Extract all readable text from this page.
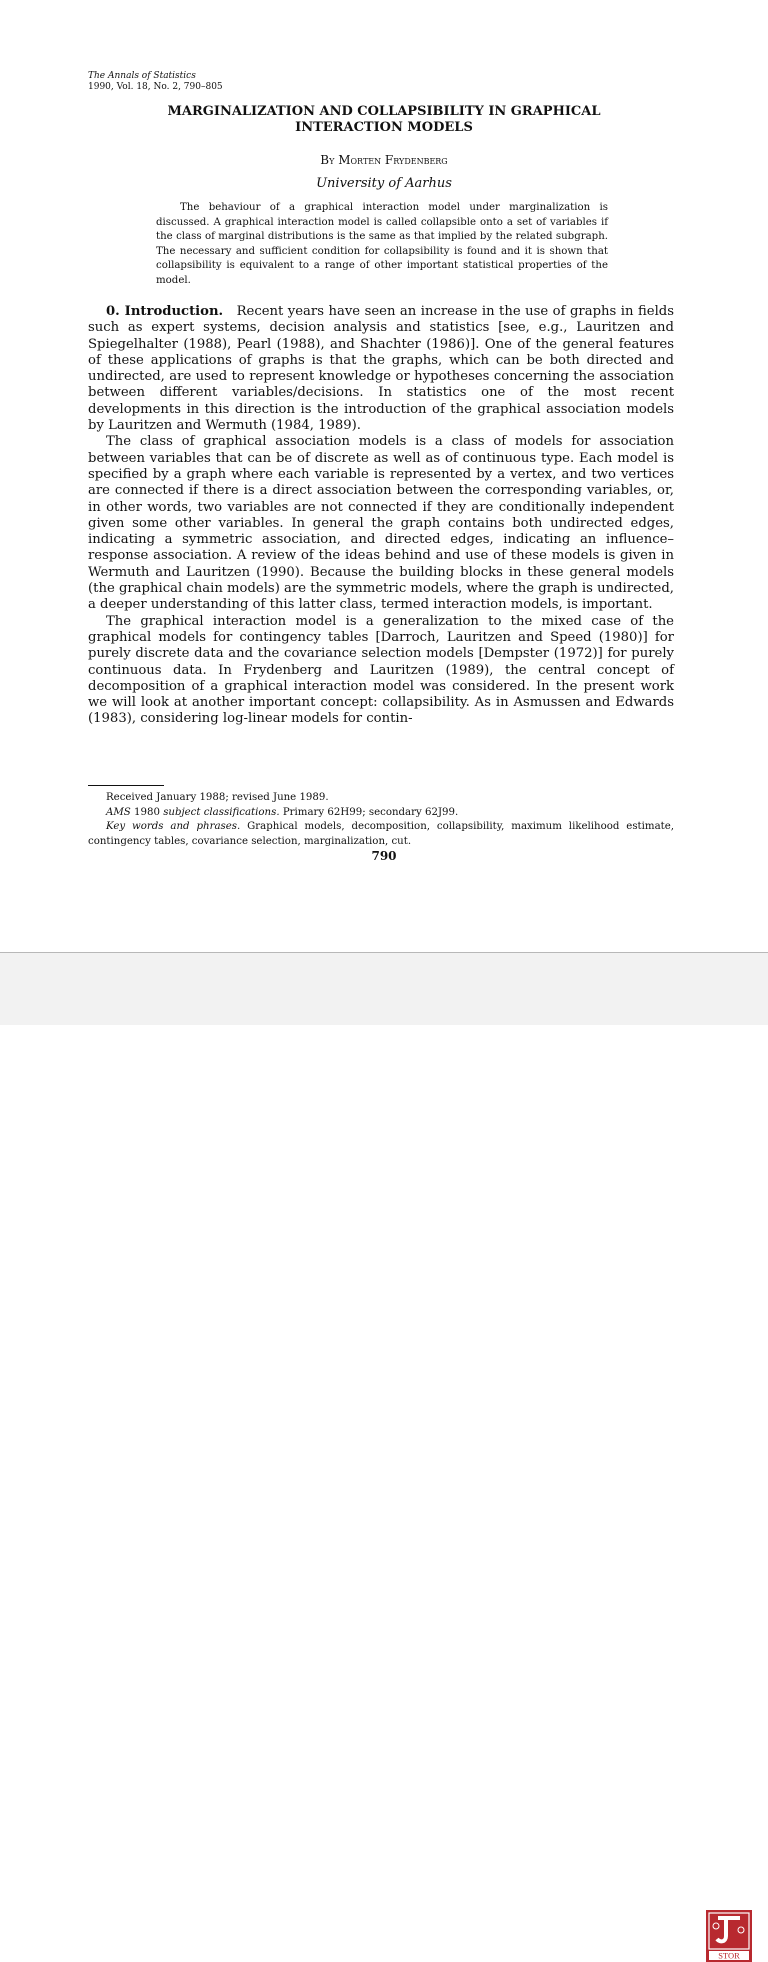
The Annals of Statistics
1990, Vol. 18, No. 2, 790–805
MARGINALIZATION AND COLLAPSIBILITY IN GRAPHICAL
INTERACTION MODELS
By Morten Frydenberg
University of Aarhus

The behaviour of a graphical interaction model under marginalization is discussed. A graphical interaction model is called collapsible onto a set of variables if the class of marginal distributions is the same as that implied by the related subgraph. The necessary and sufficient condition for collapsibility is found and it is shown that collapsibility is equivalent to a range of other important statistical properties of the model.

0. Introduction. Recent years have seen an increase in the use of graphs in fields such as expert systems, decision analysis and statistics [see, e.g., Lauritzen and Spiegelhalter (1988), Pearl (1988), and Shachter (1986)]. One of the general features of these applications of graphs is that the graphs, which can be both directed and undirected, are used to represent knowledge or hypotheses concerning the association between different variables/decisions. In statistics one of the most recent developments in this direction is the introduction of the graphical association models by Lauritzen and Wermuth (1984, 1989).

The class of graphical association models is a class of models for association between variables that can be of discrete as well as of continuous type. Each model is specified by a graph where each variable is represented by a vertex, and two vertices are connected if there is a direct association between the corresponding variables, or, in other words, two variables are not connected if they are conditionally independent given some other variables. In general the graph contains both undirected edges, indicating a symmetric association, and directed edges, indicating an influence–response association. A review of the ideas behind and use of these models is given in Wermuth and Lauritzen (1990). Because the building blocks in these general models (the graphical chain models) are the symmetric models, where the graph is undirected, a deeper understanding of this latter class, termed interaction models, is important.

The graphical interaction model is a generalization to the mixed case of the graphical models for contingency tables [Darroch, Lauritzen and Speed (1980)] for purely discrete data and the covariance selection models [Dempster (1972)] for purely continuous data. In Frydenberg and Lauritzen (1989), the central concept of decomposition of a graphical interaction model was considered. In the present work we will look at another important concept: collapsibility. As in Asmussen and Edwards (1983), considering log-linear models for contin-

Received January 1988; revised June 1989.

AMS 1980 subject classifications. Primary 62H99; secondary 62J99.

Key words and phrases. Graphical models, decomposition, collapsibility, maximum likelihood estimate, contingency tables, covariance selection, marginalization, cut.

790
STOR
